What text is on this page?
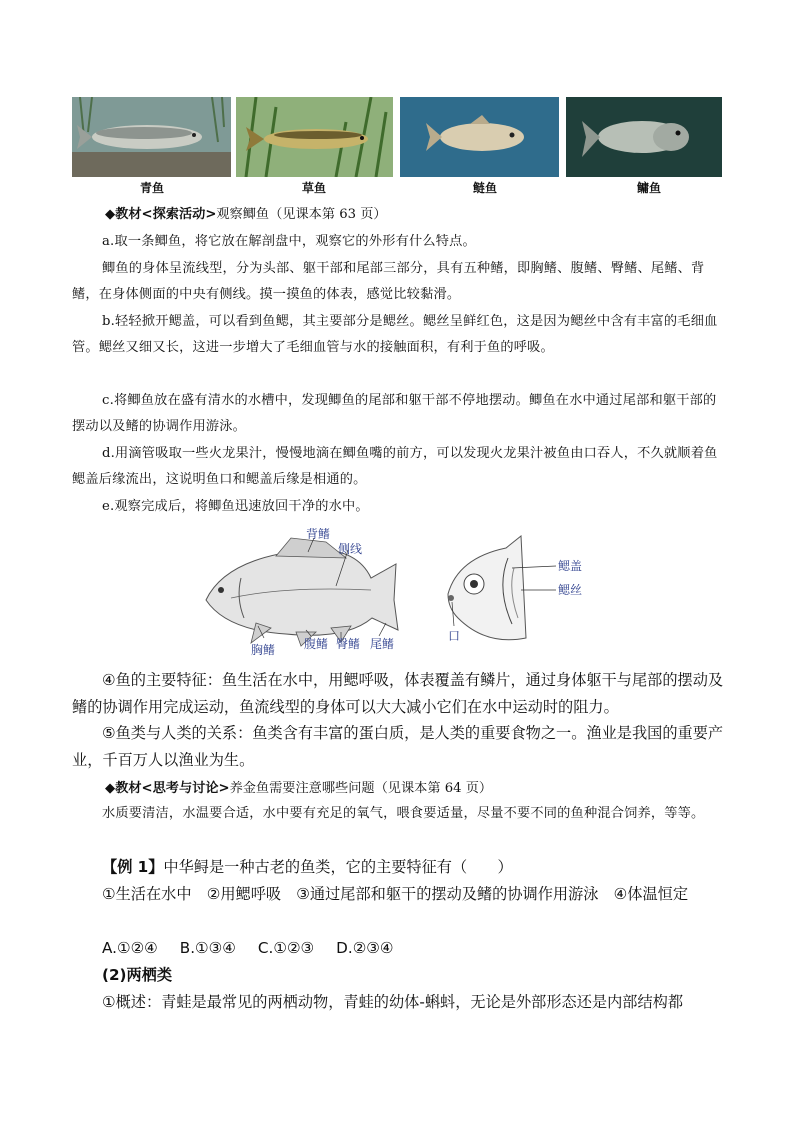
青鱼	草鱼	鲢鱼	鳙鱼

◆教材<探索活动>观察鲫鱼（见课本第 63 页）

a.取一条鲫鱼，将它放在解剖盘中，观察它的外形有什么特点。

鲫鱼的身体呈流线型，分为头部、躯干部和尾部三部分，具有五种鳍，即胸鳍、腹鳍、臀鳍、尾鳍、背鳍，在身体侧面的中央有侧线。摸一摸鱼的体表，感觉比较黏滑。

b.轻轻掀开鳃盖，可以看到鱼鳃，其主要部分是鳃丝。鳃丝呈鲜红色，这是因为鳃丝中含有丰富的毛细血管。鳃丝又细又长，这进一步增大了毛细血管与水的接触面积，有利于鱼的呼吸。

c.将鲫鱼放在盛有清水的水槽中，发现鲫鱼的尾部和躯干部不停地摆动。鲫鱼在水中通过尾部和躯干部的摆动以及鳍的协调作用游泳。

d.用滴管吸取一些火龙果汁，慢慢地滴在鲫鱼嘴的前方，可以发现火龙果汁被鱼由口吞人，不久就顺着鱼鳃盖后缘流出，这说明鱼口和鳃盖后缘是相通的。

e.观察完成后，将鲫鱼迅速放回干净的水中。

背鳍
侧线
胸鳍 腹鳍 臀鳍 尾鳍
鳃盖
鳃丝
口

④鱼的主要特征：鱼生活在水中，用鳃呼吸，体表覆盖有鳞片，通过身体躯干与尾部的摆动及鳍的协调作用完成运动，鱼流线型的身体可以大大减小它们在水中运动时的阻力。

⑤鱼类与人类的关系：鱼类含有丰富的蛋白质，是人类的重要食物之一。渔业是我国的重要产业，千百万人以渔业为生。

◆教材<思考与讨论>养金鱼需要注意哪些问题（见课本第 64 页）

水质要清洁，水温要合适，水中要有充足的氧气，喂食要适量，尽量不要不同的鱼种混合饲养，等等。

【例 1】中华鲟是一种古老的鱼类，它的主要特征有（　　）

①生活在水中　②用鳃呼吸　③通过尾部和躯干的摆动及鳍的协调作用游泳　④体温恒定

A.①②④ B.①③④ C.①②③ D.②③④

(2)两栖类

①概述：青蛙是最常见的两栖动物，青蛙的幼体-蝌蚪，无论是外部形态还是内部结构都
